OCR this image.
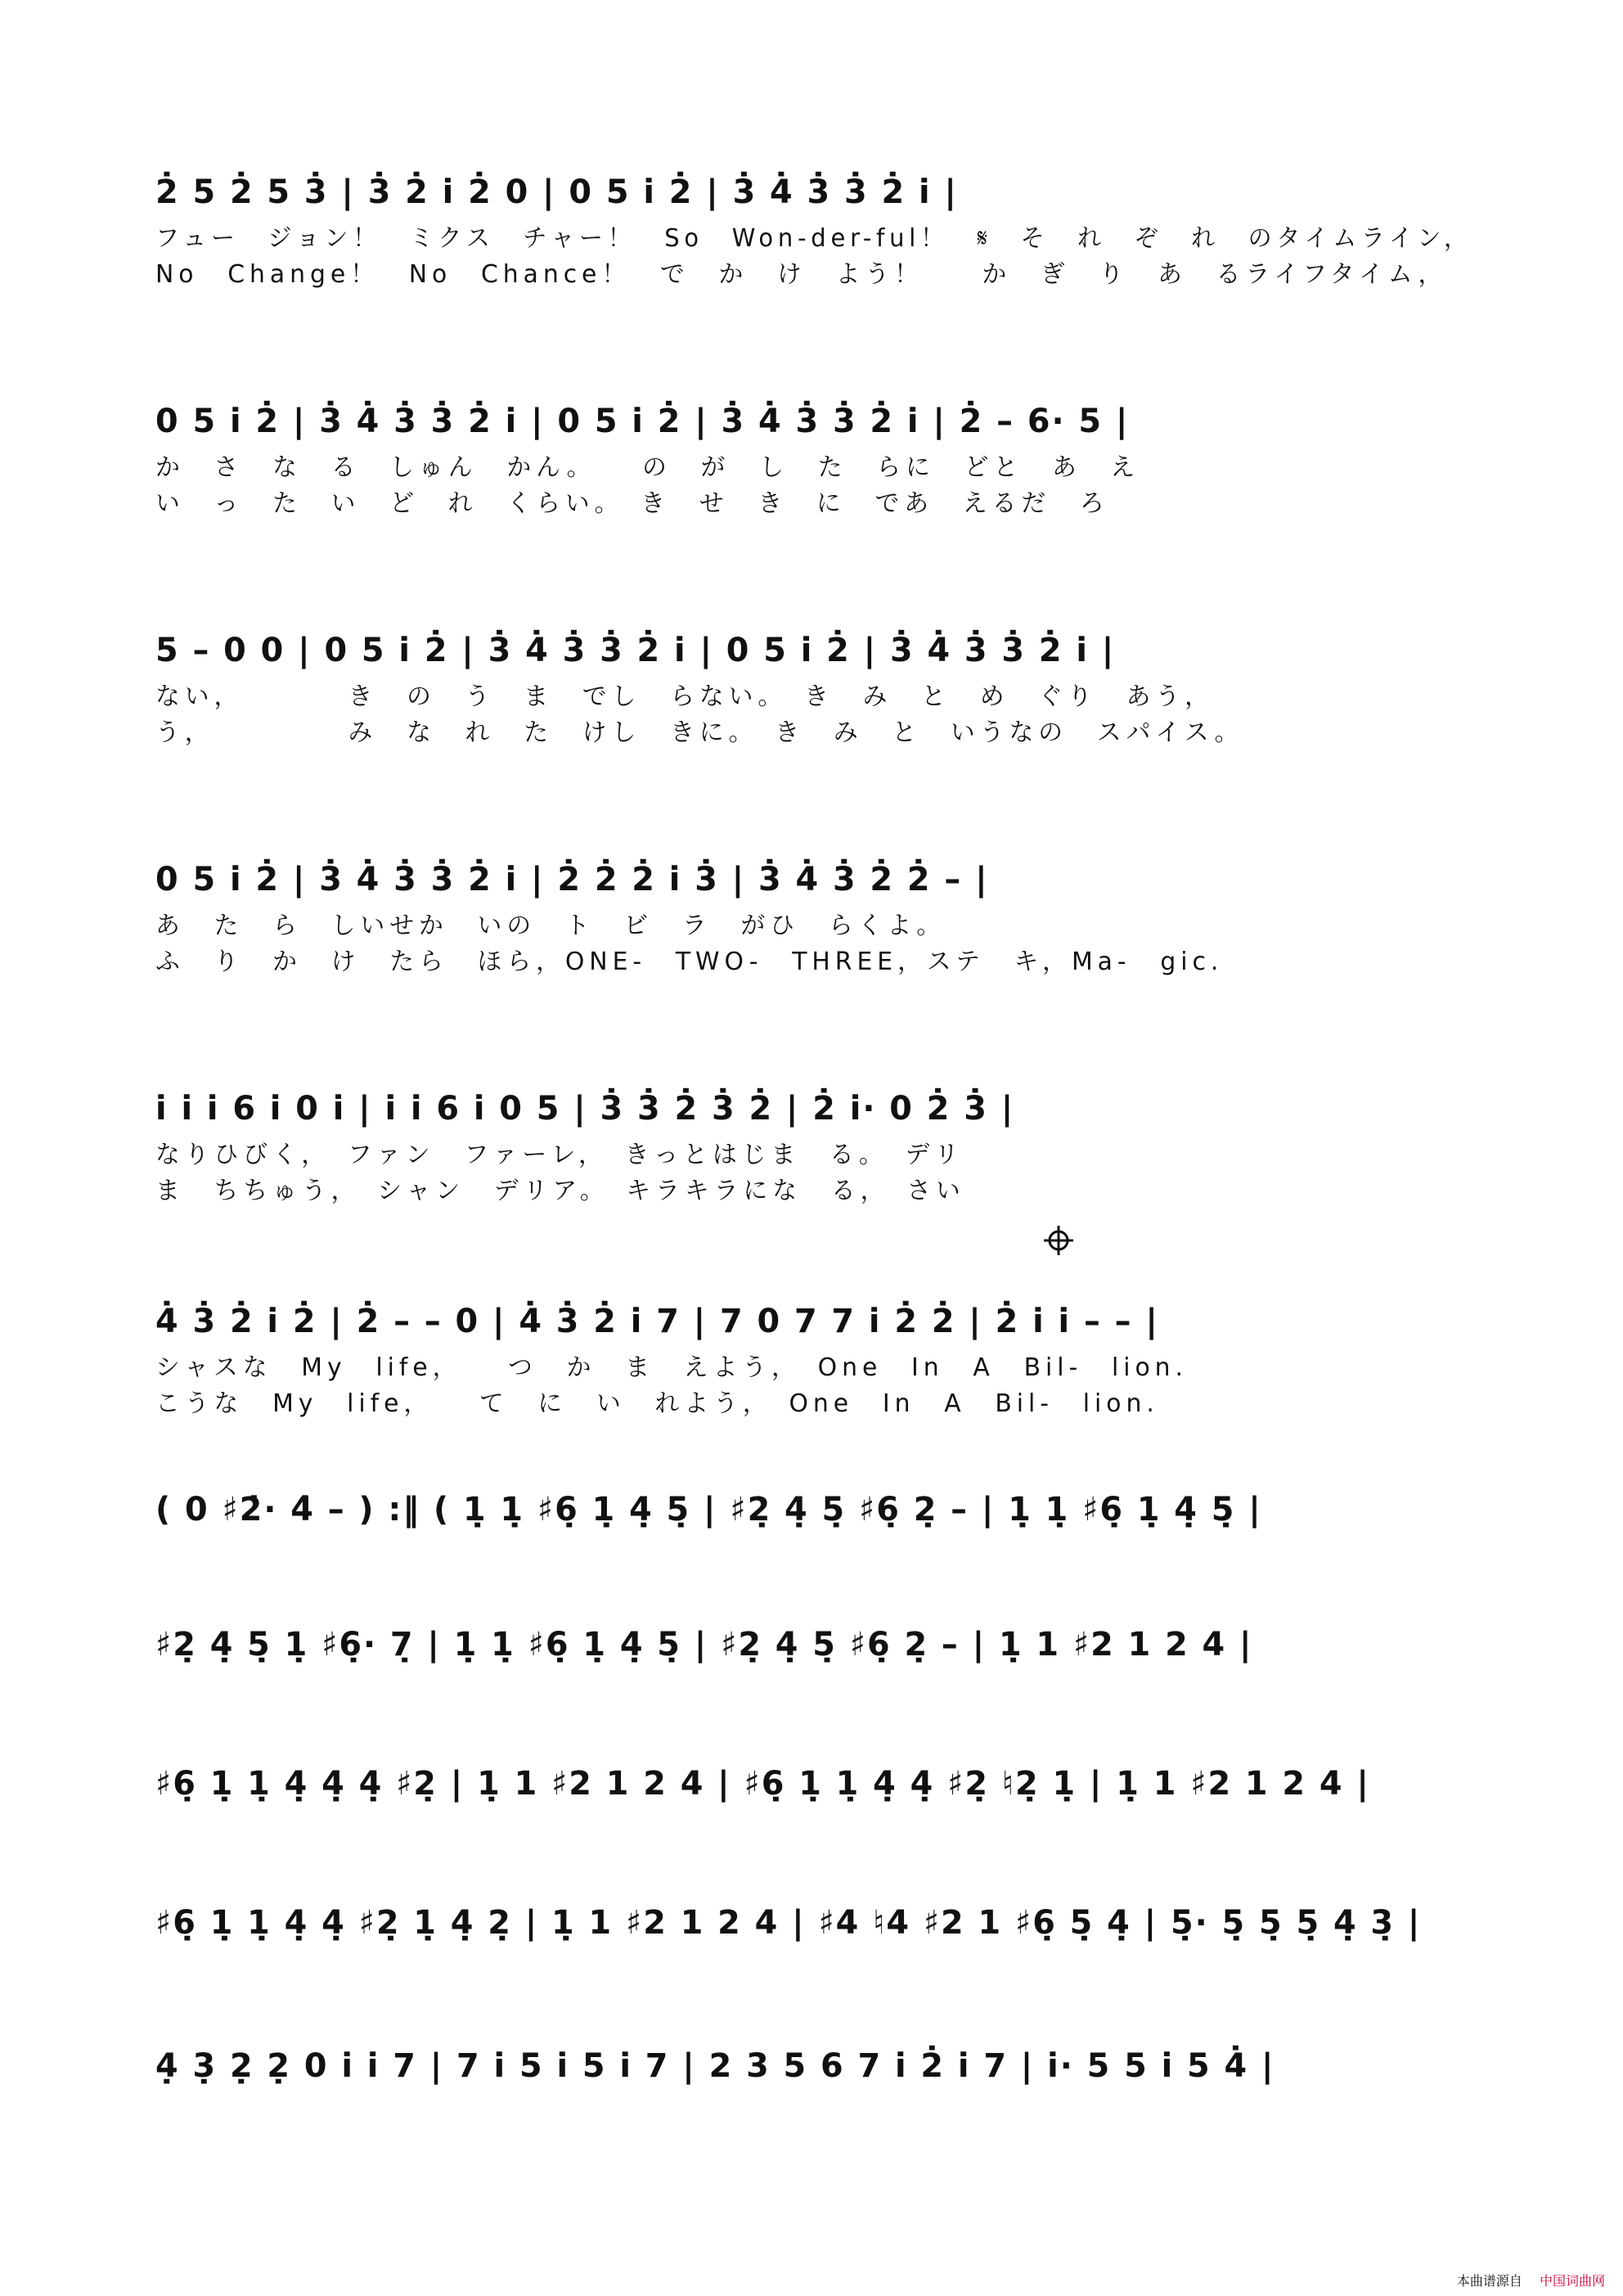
本曲谱源自 中国词曲网
2̇ 5 2̇ 5 3̇ | 3̇ 2̇ i̇ 2̇ 0 | 0 5 i̇ 2̇ | 3̇ 4̇ 3̇ 3̇ 2̇ i̇ |
フュー　ジョン！　ミクス　チャー！　So　Won-der-ful！　𝄋　そ　れ　ぞ　れ　のタイムライン，
No　Change！　No　Chance！　で　か　け　よう！　　か　ぎ　り　あ　るライフタイム，
0 5 i̇ 2̇ | 3̇ 4̇ 3̇ 3̇ 2̇ i̇ | 0 5 i̇ 2̇ | 3̇ 4̇ 3̇ 3̇ 2̇ i̇ | 2̇ – 6· 5 |
か　さ　な　る　しゅん　かん。　　の　が　し　た　らに　どと　あ　え
い　っ　た　い　ど　れ　くらい。　き　せ　き　に　であ　えるだ　ろ
5 – 0 0 | 0 5 i̇ 2̇ | 3̇ 4̇ 3̇ 3̇ 2̇ i̇ | 0 5 i̇ 2̇ | 3̇ 4̇ 3̇ 3̇ 2̇ i̇ |
ない，　　　　き　の　う　ま　でし　らない。　き　み　と　め　ぐり　あう，
う，　　　　　み　な　れ　た　けし　きに。　き　み　と　いうなの　スパイス。
0 5 i̇ 2̇ | 3̇ 4̇ 3̇ 3̇ 2̇ i̇ | 2̇ 2̇ 2̇ i̇ 3̇ | 3̇ 4̇ 3̇ 2̇ 2̇ – |
あ　た　ら　しいせか　いの　ト　ビ　ラ　がひ　らくよ。
ふ　り　か　け　たら　ほら，ONE-　TWO-　THREE，ステ　キ，Ma-　gic.
i̇ i̇ i̇ 6 i̇ 0 i̇ | i̇ i̇ 6 i̇ 0 5 | 3̇ 3̇ 2̇ 3̇ 2̇ | 2̇ i̇· 0 2̇ 3̇ |
なりひびく，　ファン　ファーレ，　きっとはじま　る。　デリ
ま　ちちゅう，　シャン　デリア。　キラキラにな　る，　さい
4̇ 3̇ 2̇ i̇ 2̇ | 2̇ – – 0 | 4̇ 3̇ 2̇ i̇ 7 | 7 0 7 7 i̇ 2̇ 2̇ | 2̇ i̇ i̇ – – |
シャスな　My　life，　　つ　か　ま　えよう，　One　In　A　Bil-　lion.
こうな　My　life，　　て　に　い　れよう，　One　In　A　Bil-　lion.
( 0 ♯2̇· 4̇ – ) :‖ ( 1̣ 1̣ ♯6̣ 1̣ 4̣ 5̣ | ♯2̣ 4̣ 5̣ ♯6̣ 2̣ – | 1̣ 1̣ ♯6̣ 1̣ 4̣ 5̣ |
♯2̣ 4̣ 5̣ 1̣ ♯6̣· 7̣ | 1̣ 1̣ ♯6̣ 1̣ 4̣ 5̣ | ♯2̣ 4̣ 5̣ ♯6̣ 2̣ – | 1̣ 1 ♯2 1 2 4 |
♯6̣ 1̣ 1̣ 4̣ 4̣ 4̣ ♯2̣ | 1̣ 1 ♯2 1 2 4 | ♯6̣ 1̣ 1̣ 4̣ 4̣ ♯2̣ ♮2̣ 1̣ | 1̣ 1 ♯2 1 2 4 |
♯6̣ 1̣ 1̣ 4̣ 4̣ ♯2̣ 1̣ 4̣ 2̣ | 1̣ 1 ♯2 1 2 4 | ♯4 ♮4 ♯2 1 ♯6̣ 5̣ 4̣ | 5̣· 5̣ 5̣ 5̣ 4̣ 3̣ |
4̣ 3̣ 2̣ 2̣ 0 i̇ i̇ 7 | 7 i̇ 5 i̇ 5 i̇ 7 | 2 3 5 6 7 i̇ 2̇ i̇ 7 | i̇· 5 5 i̇ 5 4̇ |
